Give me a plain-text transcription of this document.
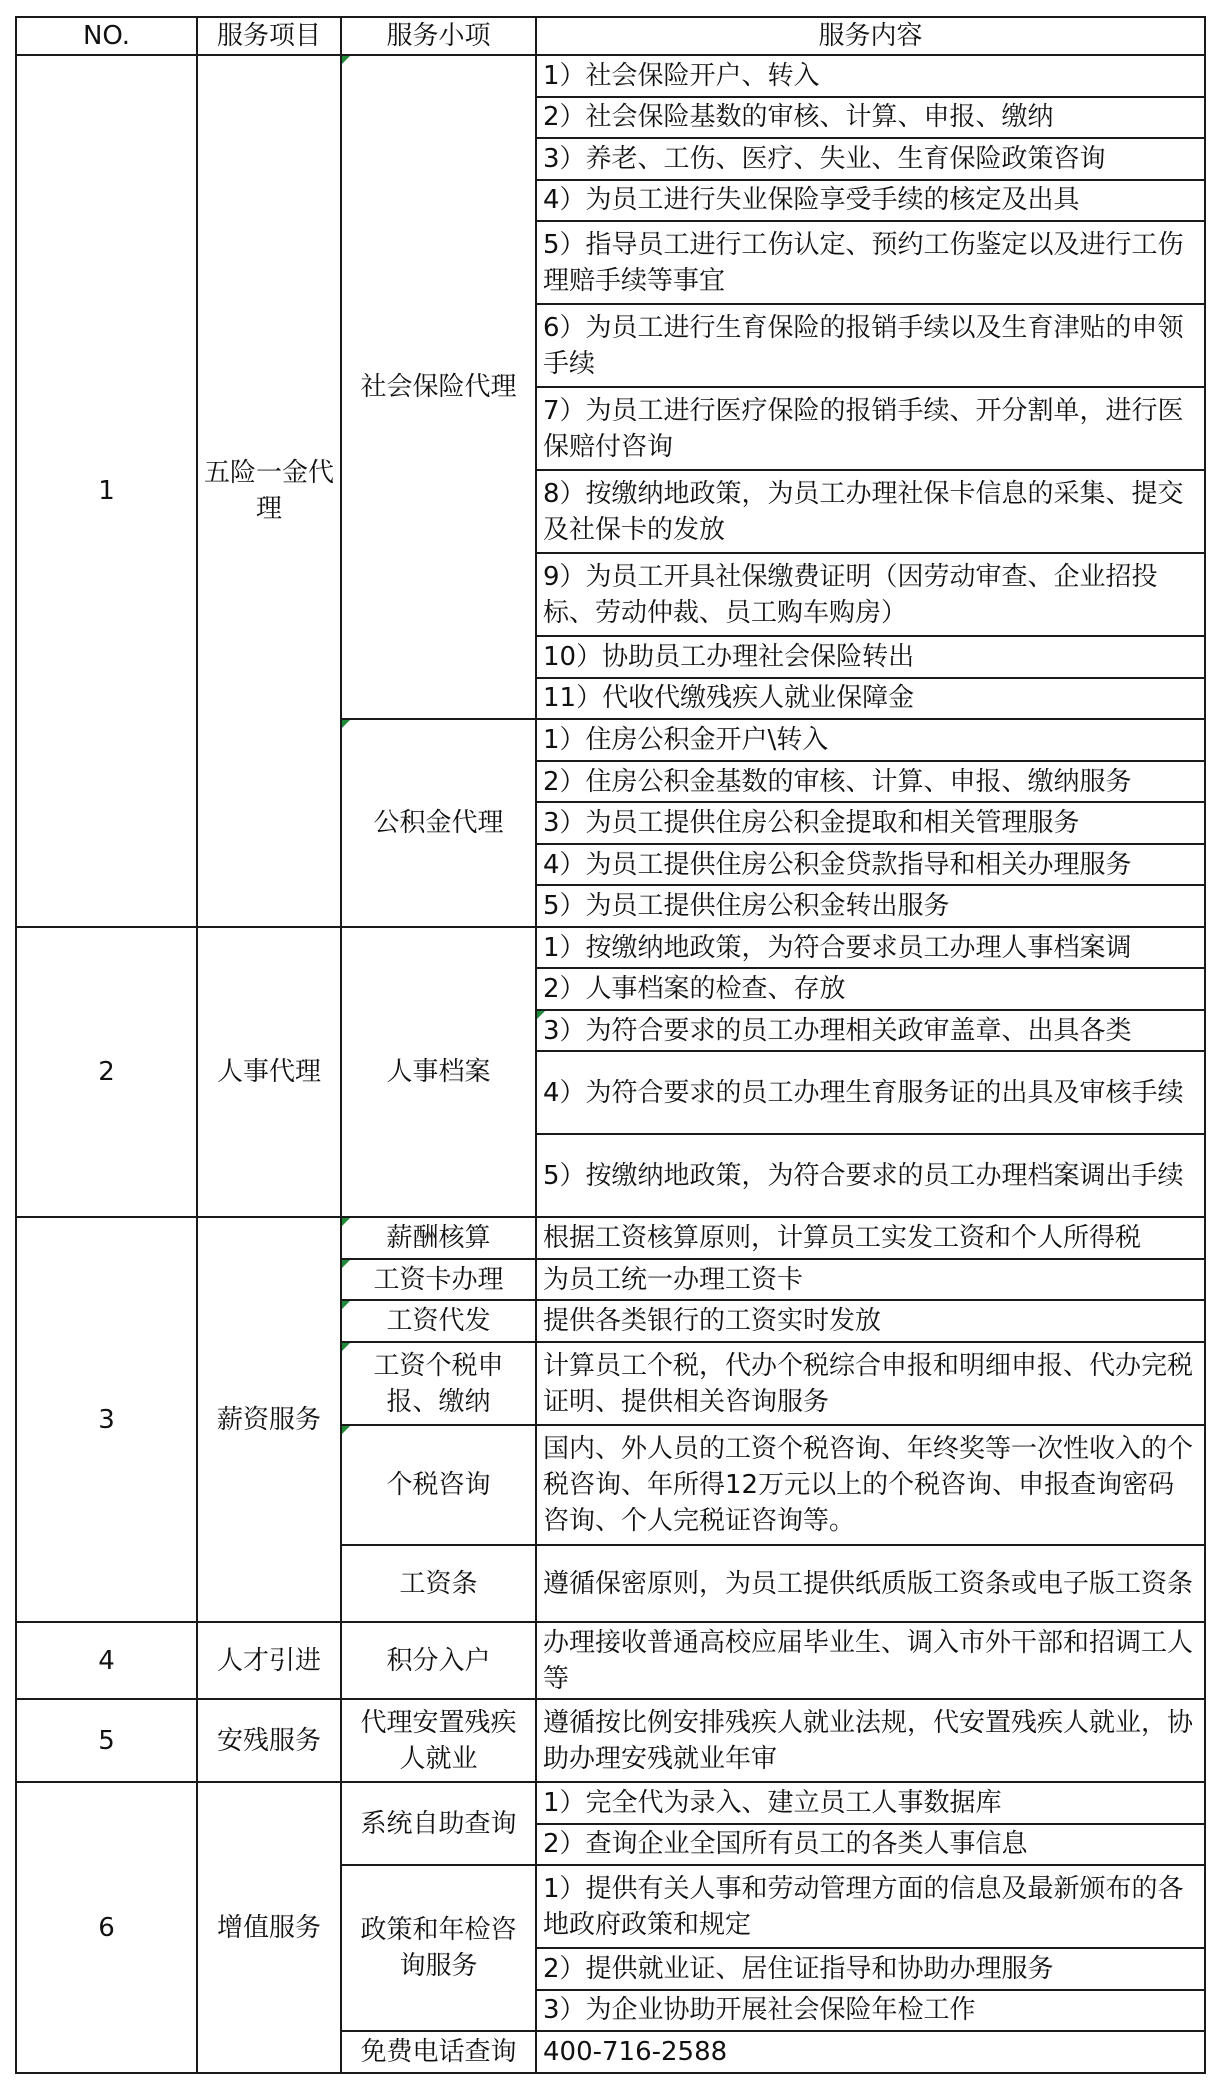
NO.	服务项目	服务小项	服务内容
1	五险一金代理	社会保险代理	1）社会保险开户、转入
			2）社会保险基数的审核、计算、申报、缴纳
			3）养老、工伤、医疗、失业、生育保险政策咨询
			4）为员工进行失业保险享受手续的核定及出具
			5）指导员工进行工伤认定、预约工伤鉴定以及进行工伤理赔手续等事宜
			6）为员工进行生育保险的报销手续以及生育津贴的申领手续
			7）为员工进行医疗保险的报销手续、开分割单，进行医保赔付咨询
			8）按缴纳地政策，为员工办理社保卡信息的采集、提交及社保卡的发放
			9）为员工开具社保缴费证明（因劳动审查、企业招投标、劳动仲裁、员工购车购房）
			10）协助员工办理社会保险转出
			11）代收代缴残疾人就业保障金
		公积金代理	1）住房公积金开户\转入
			2）住房公积金基数的审核、计算、申报、缴纳服务
			3）为员工提供住房公积金提取和相关管理服务
			4）为员工提供住房公积金贷款指导和相关办理服务
			5）为员工提供住房公积金转出服务
2	人事代理	人事档案	1）按缴纳地政策，为符合要求员工办理人事档案调
			2）人事档案的检查、存放
			3）为符合要求的员工办理相关政审盖章、出具各类
			4）为符合要求的员工办理生育服务证的出具及审核手续
			5）按缴纳地政策，为符合要求的员工办理档案调出手续
3	薪资服务	薪酬核算	根据工资核算原则，计算员工实发工资和个人所得税
		工资卡办理	为员工统一办理工资卡
		工资代发	提供各类银行的工资实时发放
		工资个税申报、缴纳	计算员工个税，代办个税综合申报和明细申报、代办完税证明、提供相关咨询服务
		个税咨询	国内、外人员的工资个税咨询、年终奖等一次性收入的个税咨询、年所得12万元以上的个税咨询、申报查询密码咨询、个人完税证咨询等。
		工资条	遵循保密原则，为员工提供纸质版工资条或电子版工资条
4	人才引进	积分入户	办理接收普通高校应届毕业生、调入市外干部和招调工人等
5	安残服务	代理安置残疾人就业	遵循按比例安排残疾人就业法规，代安置残疾人就业，协助办理安残就业年审
6	增值服务	系统自助查询	1）完全代为录入、建立员工人事数据库
			2）查询企业全国所有员工的各类人事信息
		政策和年检咨询服务	1）提供有关人事和劳动管理方面的信息及最新颁布的各地政府政策和规定
			2）提供就业证、居住证指导和协助办理服务
			3）为企业协助开展社会保险年检工作
		免费电话查询	400-716-2588
